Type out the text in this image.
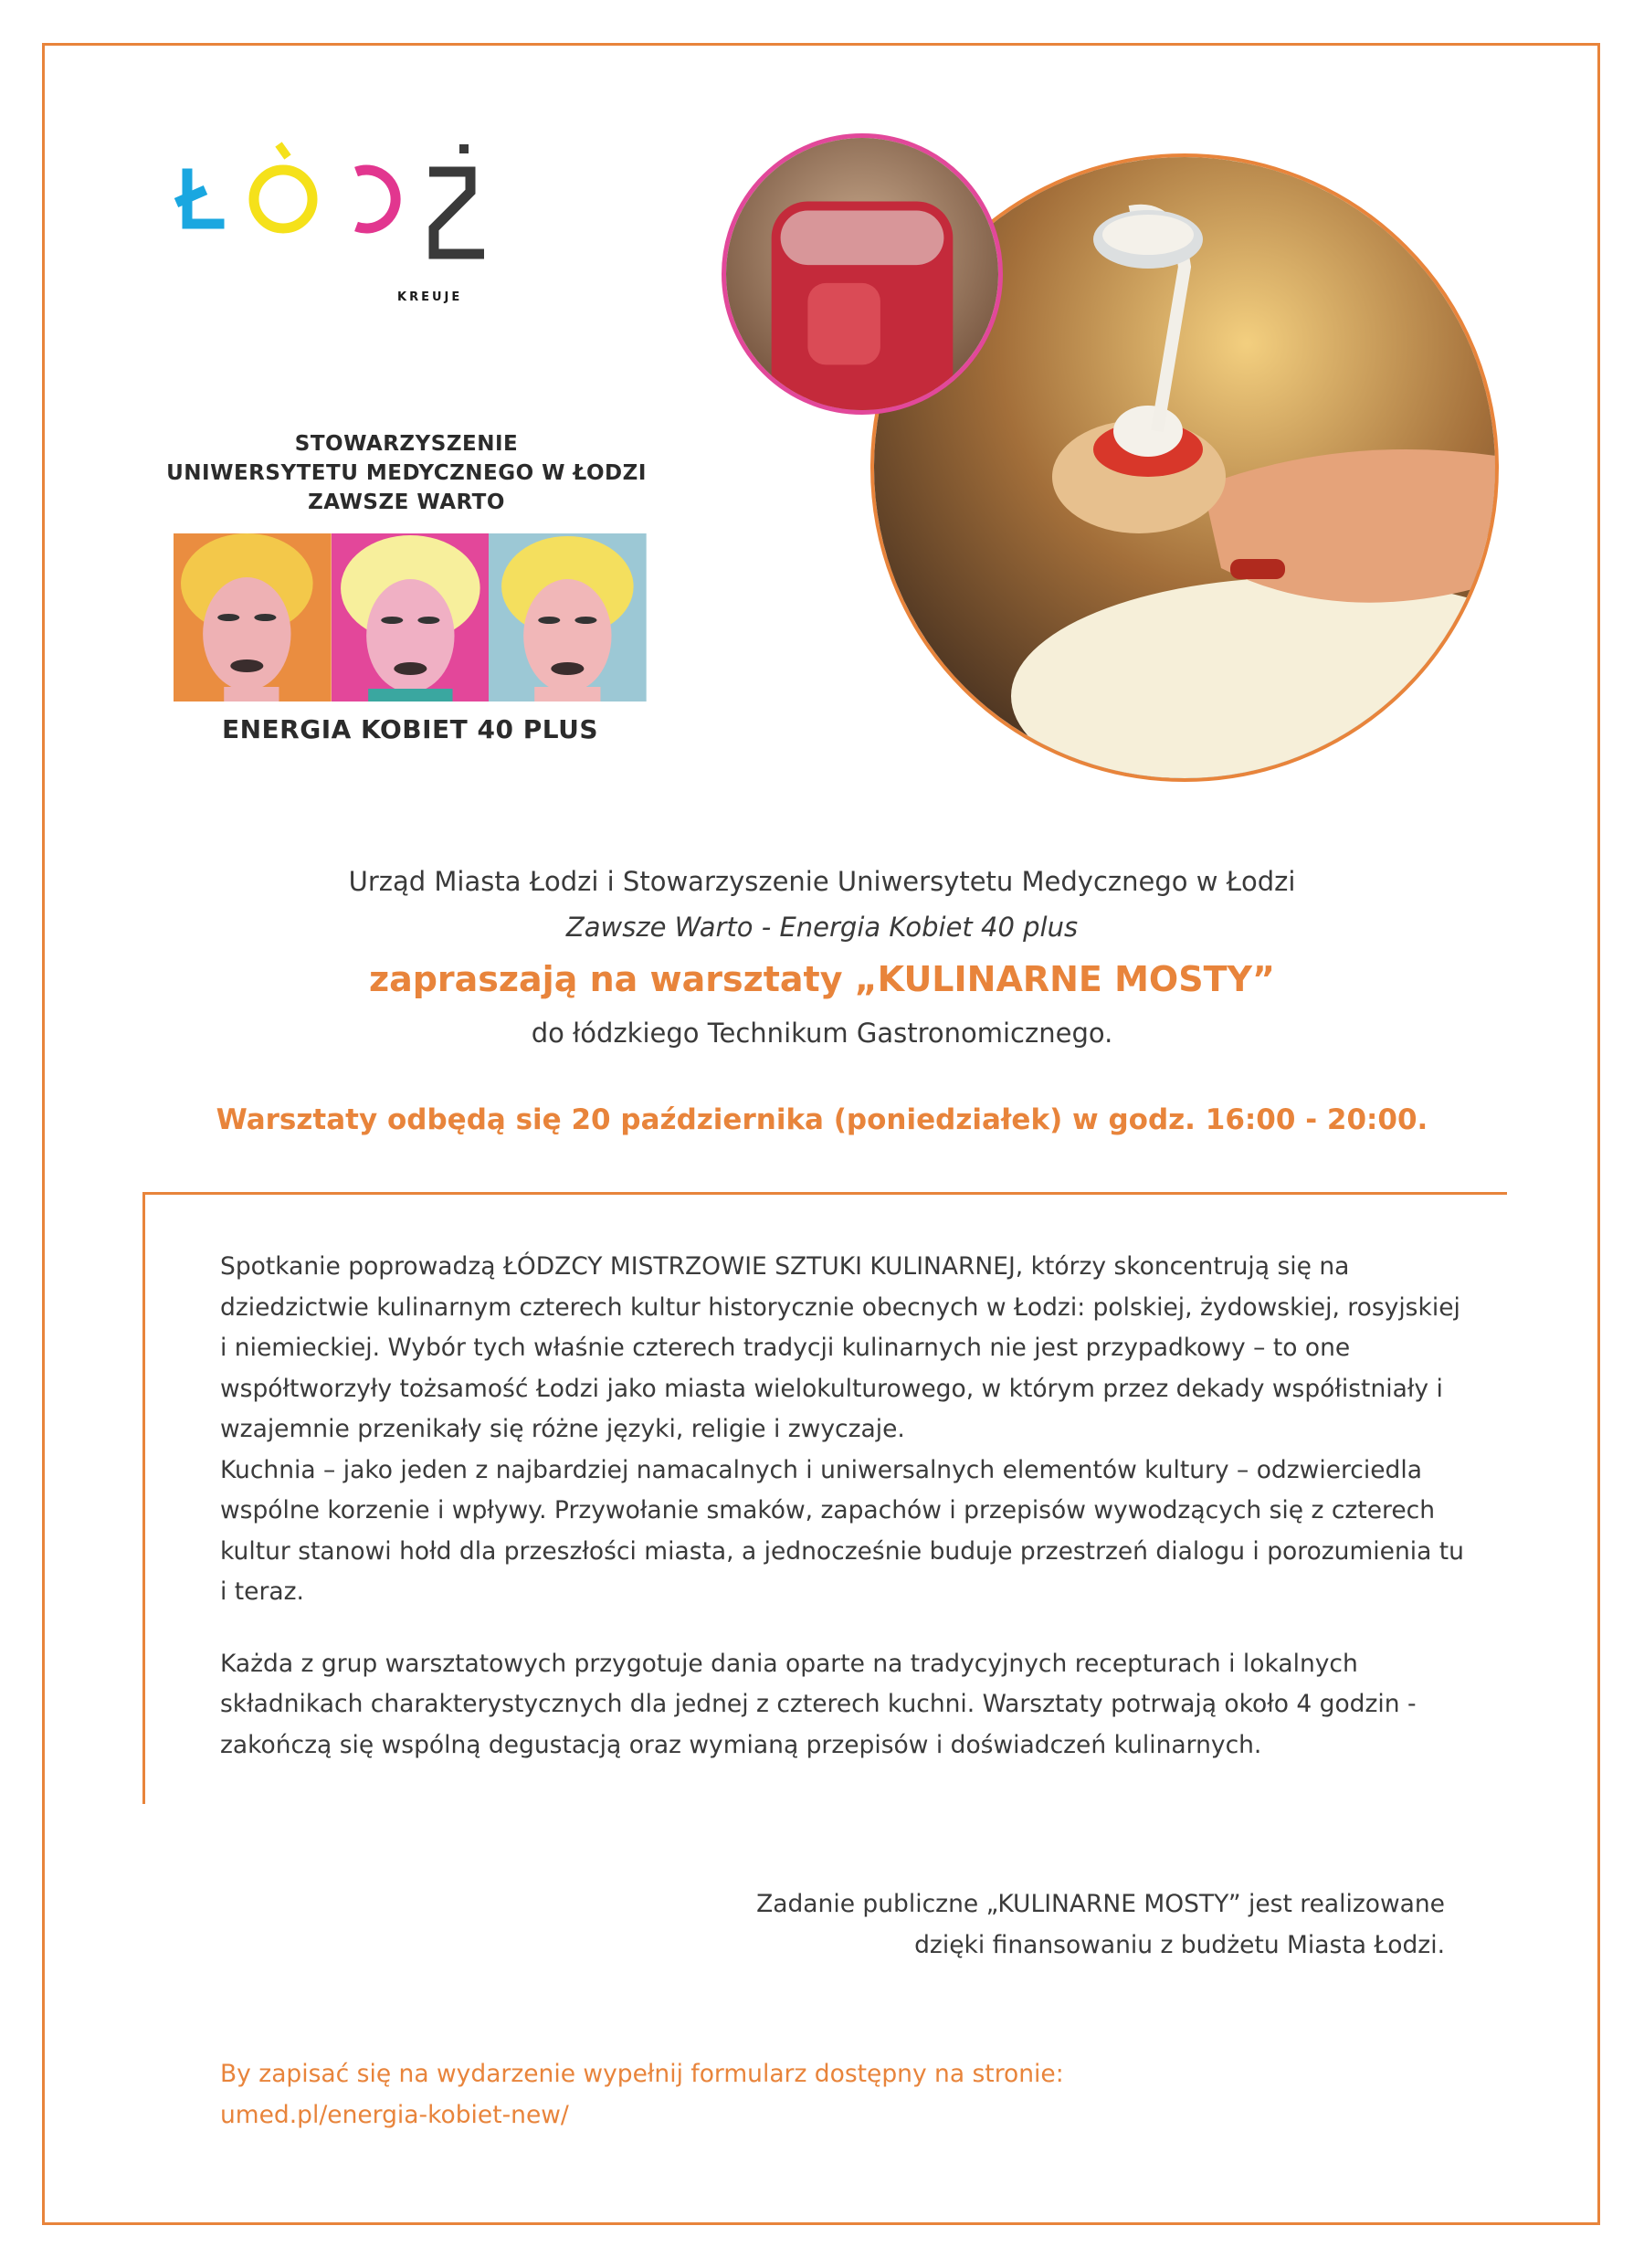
KREUJE
STOWARZYSZENIE
UNIWERSYTETU MEDYCZNEGO W ŁODZI
ZAWSZE WARTO
ENERGIA KOBIET 40 PLUS
Urząd Miasta Łodzi i Stowarzyszenie Uniwersytetu Medycznego w Łodzi
Zawsze Warto - Energia Kobiet 40 plus
zapraszają na warsztaty „KULINARNE MOSTY”
do łódzkiego Technikum Gastronomicznego.
Warsztaty odbędą się 20 października (poniedziałek) w godz. 16:00 - 20:00.

Spotkanie poprowadzą ŁÓDZCY MISTRZOWIE SZTUKI KULINARNEJ, którzy skoncentrują się na dziedzictwie kulinarnym czterech kultur historycznie obecnych w Łodzi: polskiej, żydowskiej, rosyjskiej i niemieckiej. Wybór tych właśnie czterech tradycji kulinarnych nie jest przypadkowy – to one współtworzyły tożsamość Łodzi jako miasta wielokulturowego, w którym przez dekady współistniały i wzajemnie przenikały się różne języki, religie i zwyczaje.

Kuchnia – jako jeden z najbardziej namacalnych i uniwersalnych elementów kultury – odzwierciedla wspólne korzenie i wpływy. Przywołanie smaków, zapachów i przepisów wywodzących się z czterech kultur stanowi hołd dla przeszłości miasta, a jednocześnie buduje przestrzeń dialogu i porozumienia tu i teraz.

Każda z grup warsztatowych przygotuje dania oparte na tradycyjnych recepturach i lokalnych składnikach charakterystycznych dla jednej z czterech kuchni. Warsztaty potrwają około 4 godzin - zakończą się wspólną degustacją oraz wymianą przepisów i doświadczeń kulinarnych.

Zadanie publiczne „KULINARNE MOSTY” jest realizowane
dzięki finansowaniu z budżetu Miasta Łodzi.
By zapisać się na wydarzenie wypełnij formularz dostępny na stronie:
umed.pl/energia-kobiet-new/
